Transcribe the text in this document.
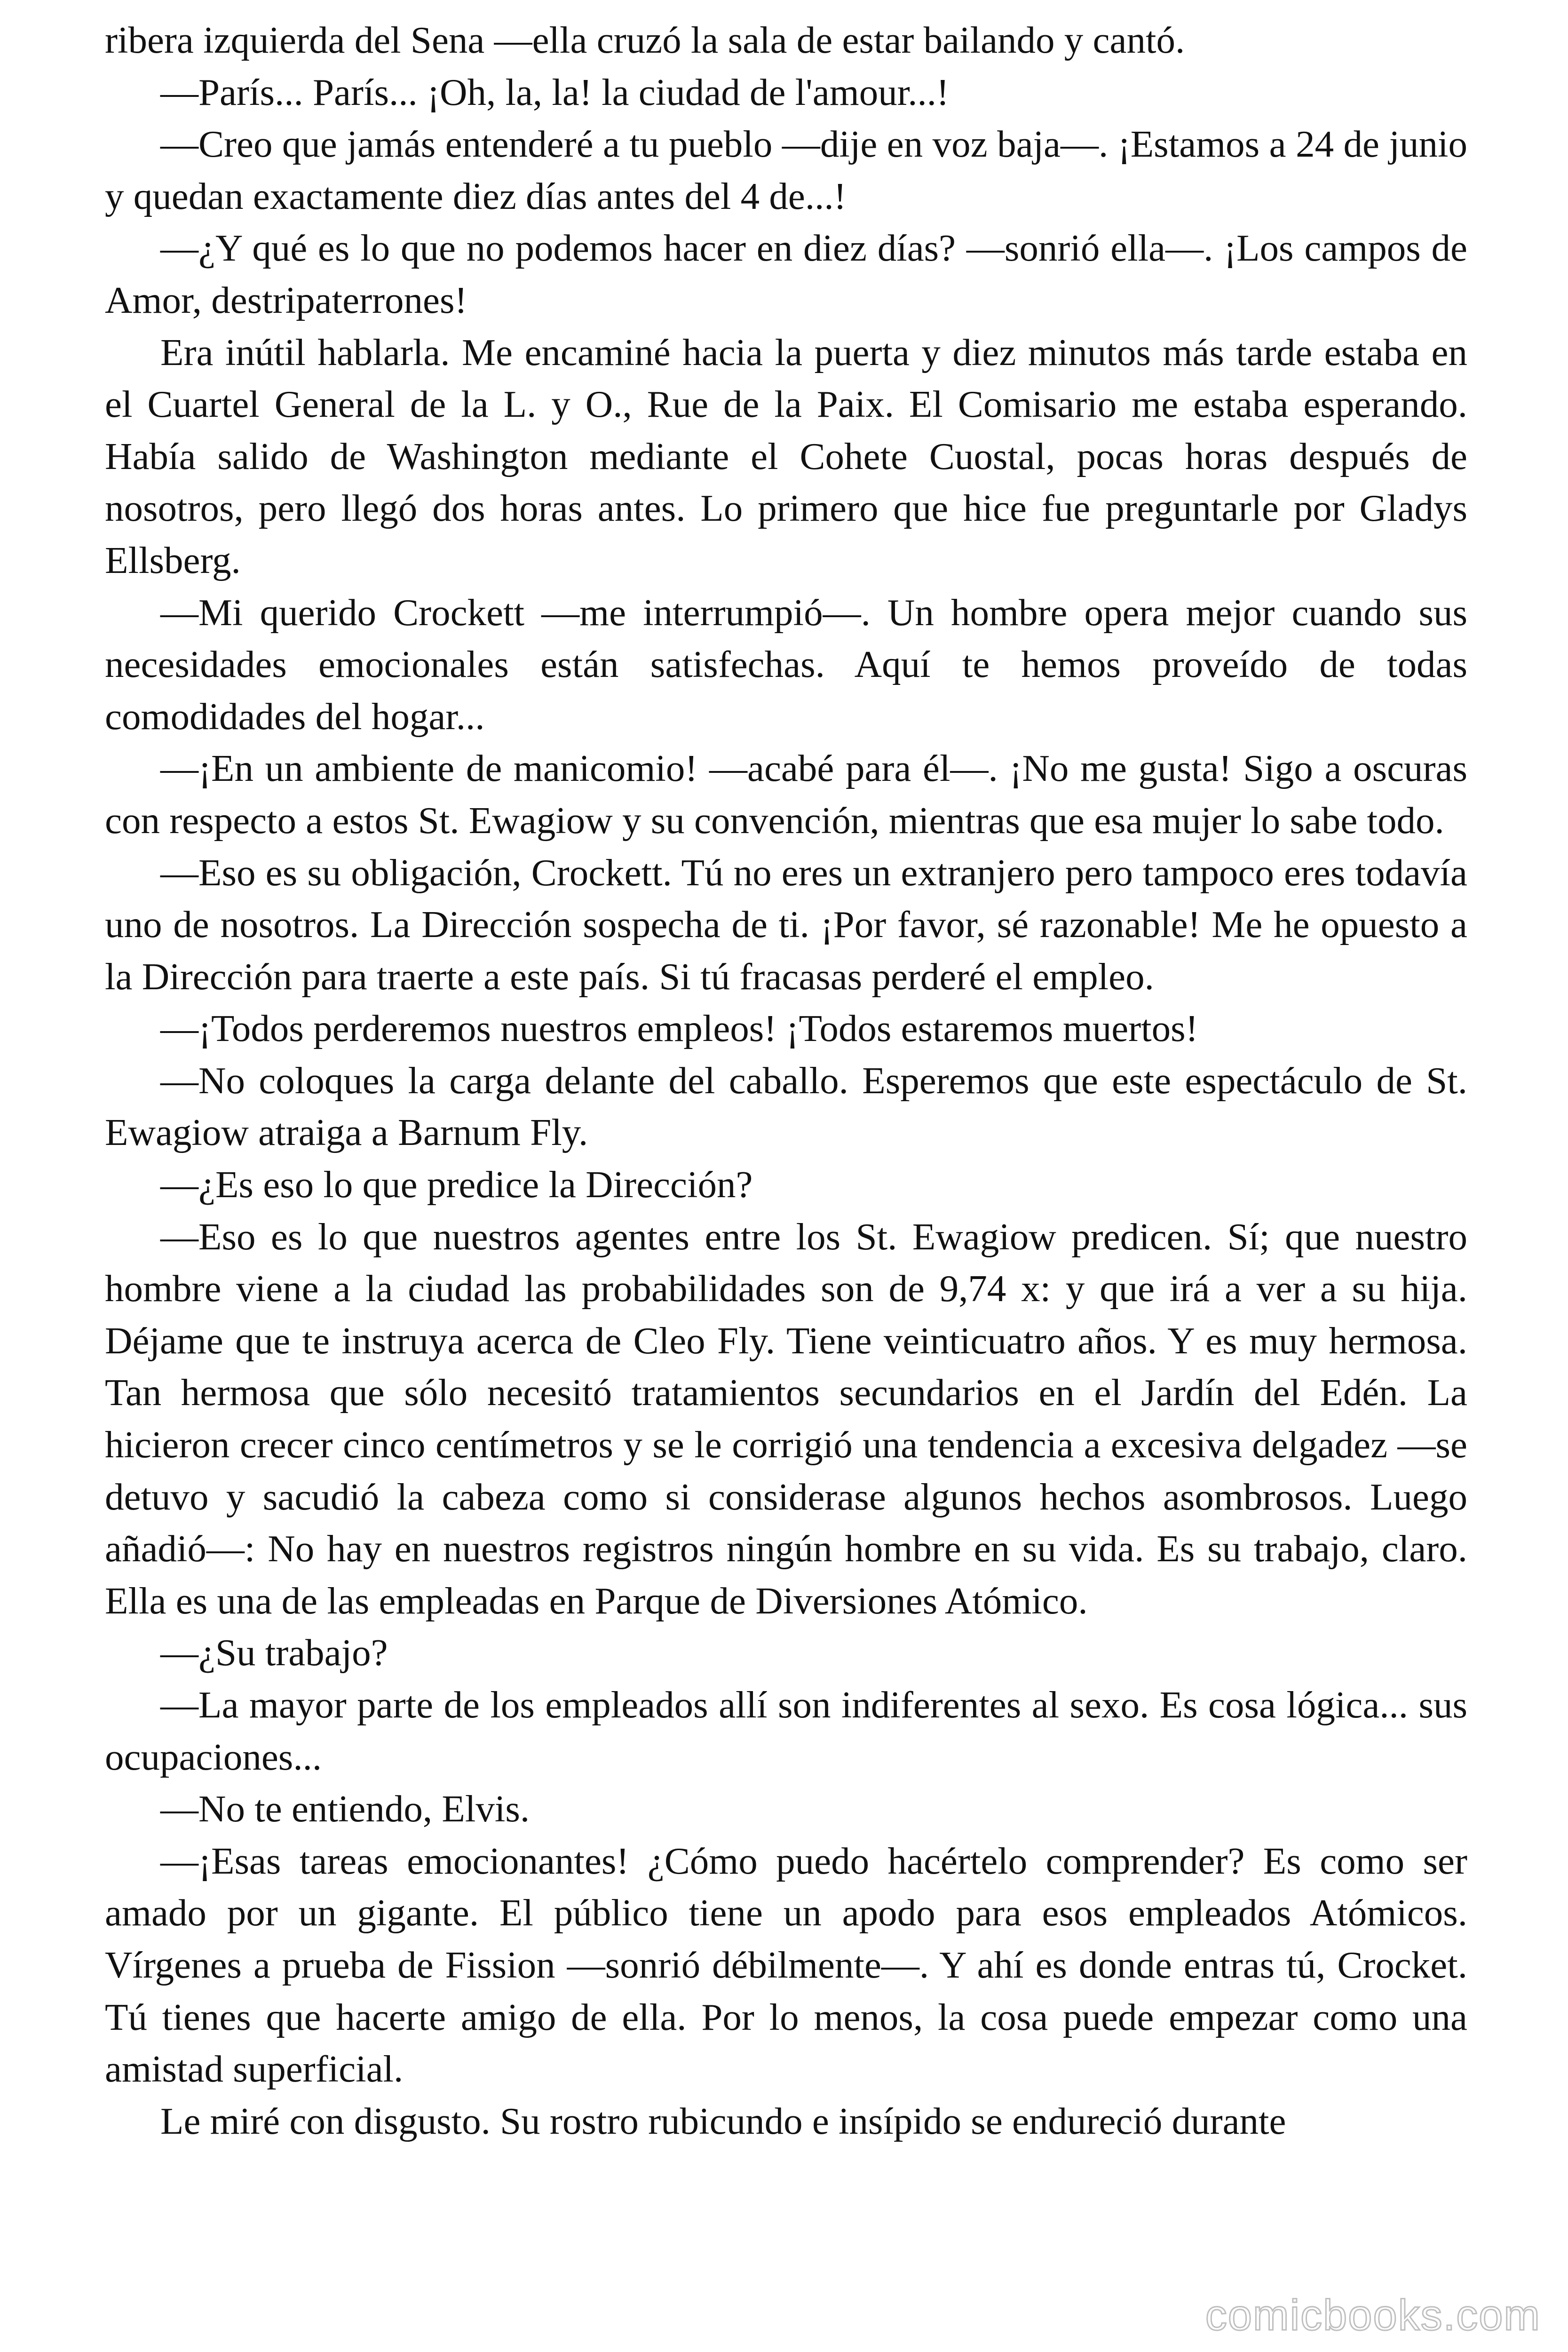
ribera izquierda del Sena —ella cruzó la sala de estar bailando y cantó.

—París... París... ¡Oh, la, la! la ciudad de l'amour...!

—Creo que jamás entenderé a tu pueblo —dije en voz baja—. ¡Estamos a 24 de junio y quedan exactamente diez días antes del 4 de...!

—¿Y qué es lo que no podemos hacer en diez días? —sonrió ella—. ¡Los campos de Amor, destripaterrones!

Era inútil hablarla. Me encaminé hacia la puerta y diez minutos más tarde estaba en el Cuartel General de la L. y O., Rue de la Paix. El Comisario me estaba esperando. Había salido de Washington mediante el Cohete Cuostal, pocas horas después de nosotros, pero llegó dos horas antes. Lo primero que hice fue preguntarle por Gladys Ellsberg.

—Mi querido Crockett —me interrumpió—. Un hombre opera mejor cuando sus necesidades emocionales están satisfechas. Aquí te hemos proveído de todas comodidades del hogar...

—¡En un ambiente de manicomio! —acabé para él—. ¡No me gusta! Sigo a oscuras con respecto a estos St. Ewagiow y su convención, mientras que esa mujer lo sabe todo.

—Eso es su obligación, Crockett. Tú no eres un extranjero pero tampoco eres todavía uno de nosotros. La Dirección sospecha de ti. ¡Por favor, sé razonable! Me he opuesto a la Dirección para traerte a este país. Si tú fracasas perderé el empleo.

—¡Todos perderemos nuestros empleos! ¡Todos estaremos muertos!

—No coloques la carga delante del caballo. Esperemos que este espectáculo de St. Ewagiow atraiga a Barnum Fly.

—¿Es eso lo que predice la Dirección?

—Eso es lo que nuestros agentes entre los St. Ewagiow predicen. Sí; que nuestro hombre viene a la ciudad las probabilidades son de 9,74 x: y que irá a ver a su hija. Déjame que te instruya acerca de Cleo Fly. Tiene veinticuatro años. Y es muy hermosa. Tan hermosa que sólo necesitó tratamientos secundarios en el Jardín del Edén. La hicieron crecer cinco centímetros y se le corrigió una tendencia a excesiva delgadez —se detuvo y sacudió la cabeza como si considerase algunos hechos asombrosos. Luego añadió—: No hay en nuestros registros ningún hombre en su vida. Es su trabajo, claro. Ella es una de las empleadas en Parque de Diversiones Atómico.

—¿Su trabajo?

—La mayor parte de los empleados allí son indiferentes al sexo. Es cosa lógica... sus ocupaciones...

—No te entiendo, Elvis.

—¡Esas tareas emocionantes! ¿Cómo puedo hacértelo comprender? Es como ser amado por un gigante. El público tiene un apodo para esos empleados Atómicos. Vírgenes a prueba de Fission —sonrió débilmente—. Y ahí es donde entras tú, Crocket. Tú tienes que hacerte amigo de ella. Por lo menos, la cosa puede empezar como una amistad superficial.

Le miré con disgusto. Su rostro rubicundo e insípido se endureció durante

comicbooks.com
